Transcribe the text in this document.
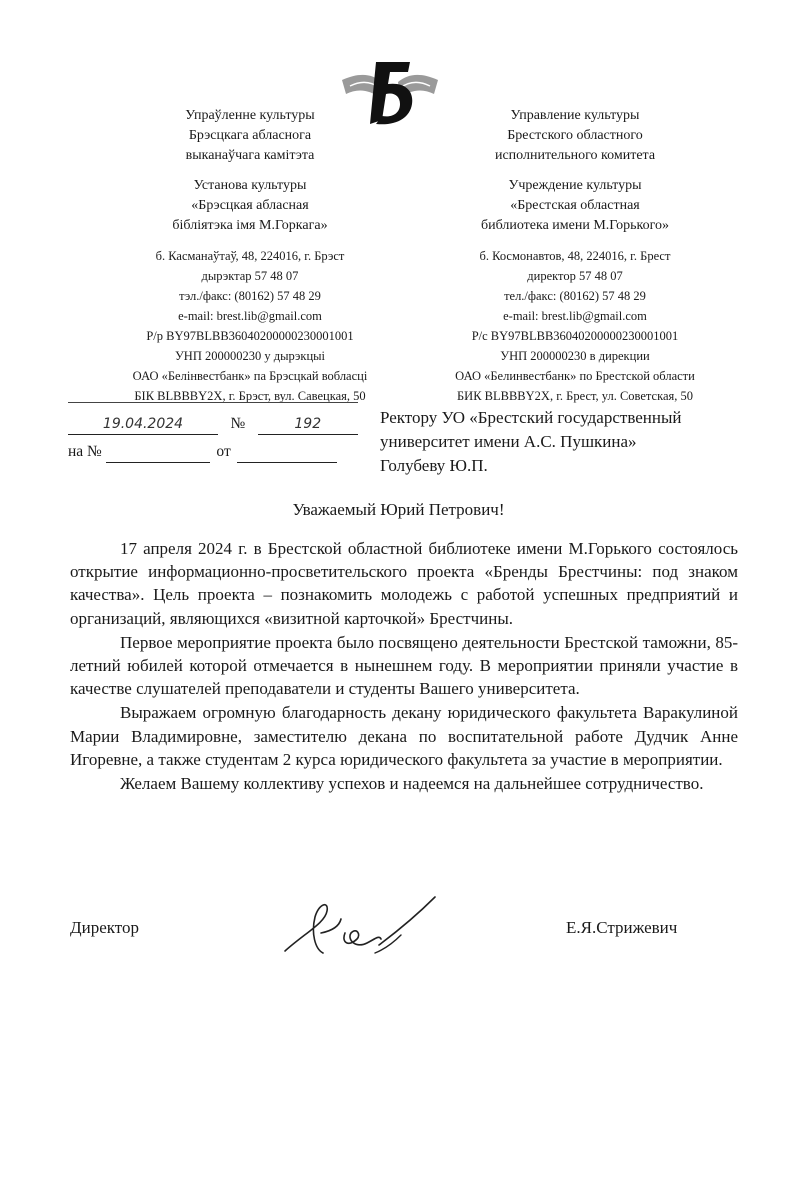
Упраўленне культуры
Брэсцкага абласнога
выканаўчага камітэта
Установа культуры
«Брэсцкая абласная
бібліятэка імя М.Горкага»
б. Касманаўтаў, 48, 224016, г. Брэст
дырэктар 57 48 07
тэл./факс: (80162) 57 48 29
e-mail: brest.lib@gmail.com
Р/р BY97BLBB36040200000230001001
УНП 200000230 у дырэкцыі
ОАО «Белінвестбанк» па Брэсцкай вобласці
БІК BLBBBY2X, г. Брэст, вул. Савецкая, 50
Управление культуры
Брестского областного
исполнительного комитета
Учреждение культуры
«Брестская областная
библиотека имени М.Горького»
б. Космонавтов, 48, 224016, г. Брест
директор 57 48 07
тел./факс: (80162) 57 48 29
e-mail: brest.lib@gmail.com
Р/с BY97BLBB36040200000230001001
УНП 200000230 в дирекции
ОАО «Белинвестбанк» по Брестской области
БИК BLBBBY2X, г. Брест, ул. Советская, 50
19.04.2024	№	192
на №	от
Ректору УО «Брестский государственный
университет имени А.С. Пушкина»
Голубеву Ю.П.
Уважаемый Юрий Петрович!

17 апреля 2024 г. в Брестской областной библиотеке имени М.Горького состоялось открытие информационно-просветительского проекта «Бренды Брестчины: под знаком качества». Цель проекта – познакомить молодежь с работой успешных предприятий и организаций, являющихся «визитной карточкой» Брестчины.

Первое мероприятие проекта было посвящено деятельности Брестской таможни, 85-летний юбилей которой отмечается в нынешнем году. В мероприятии приняли участие в качестве слушателей преподаватели и студенты Вашего университета.

Выражаем огромную благодарность декану юридического факультета Варакулиной Марии Владимировне, заместителю декана по воспитательной работе Дудчик Анне Игоревне, а также студентам 2 курса юридического факультета за участие в мероприятии.

Желаем Вашему коллективу успехов и надеемся на дальнейшее сотрудничество.

Директор	Е.Я.Стрижевич
